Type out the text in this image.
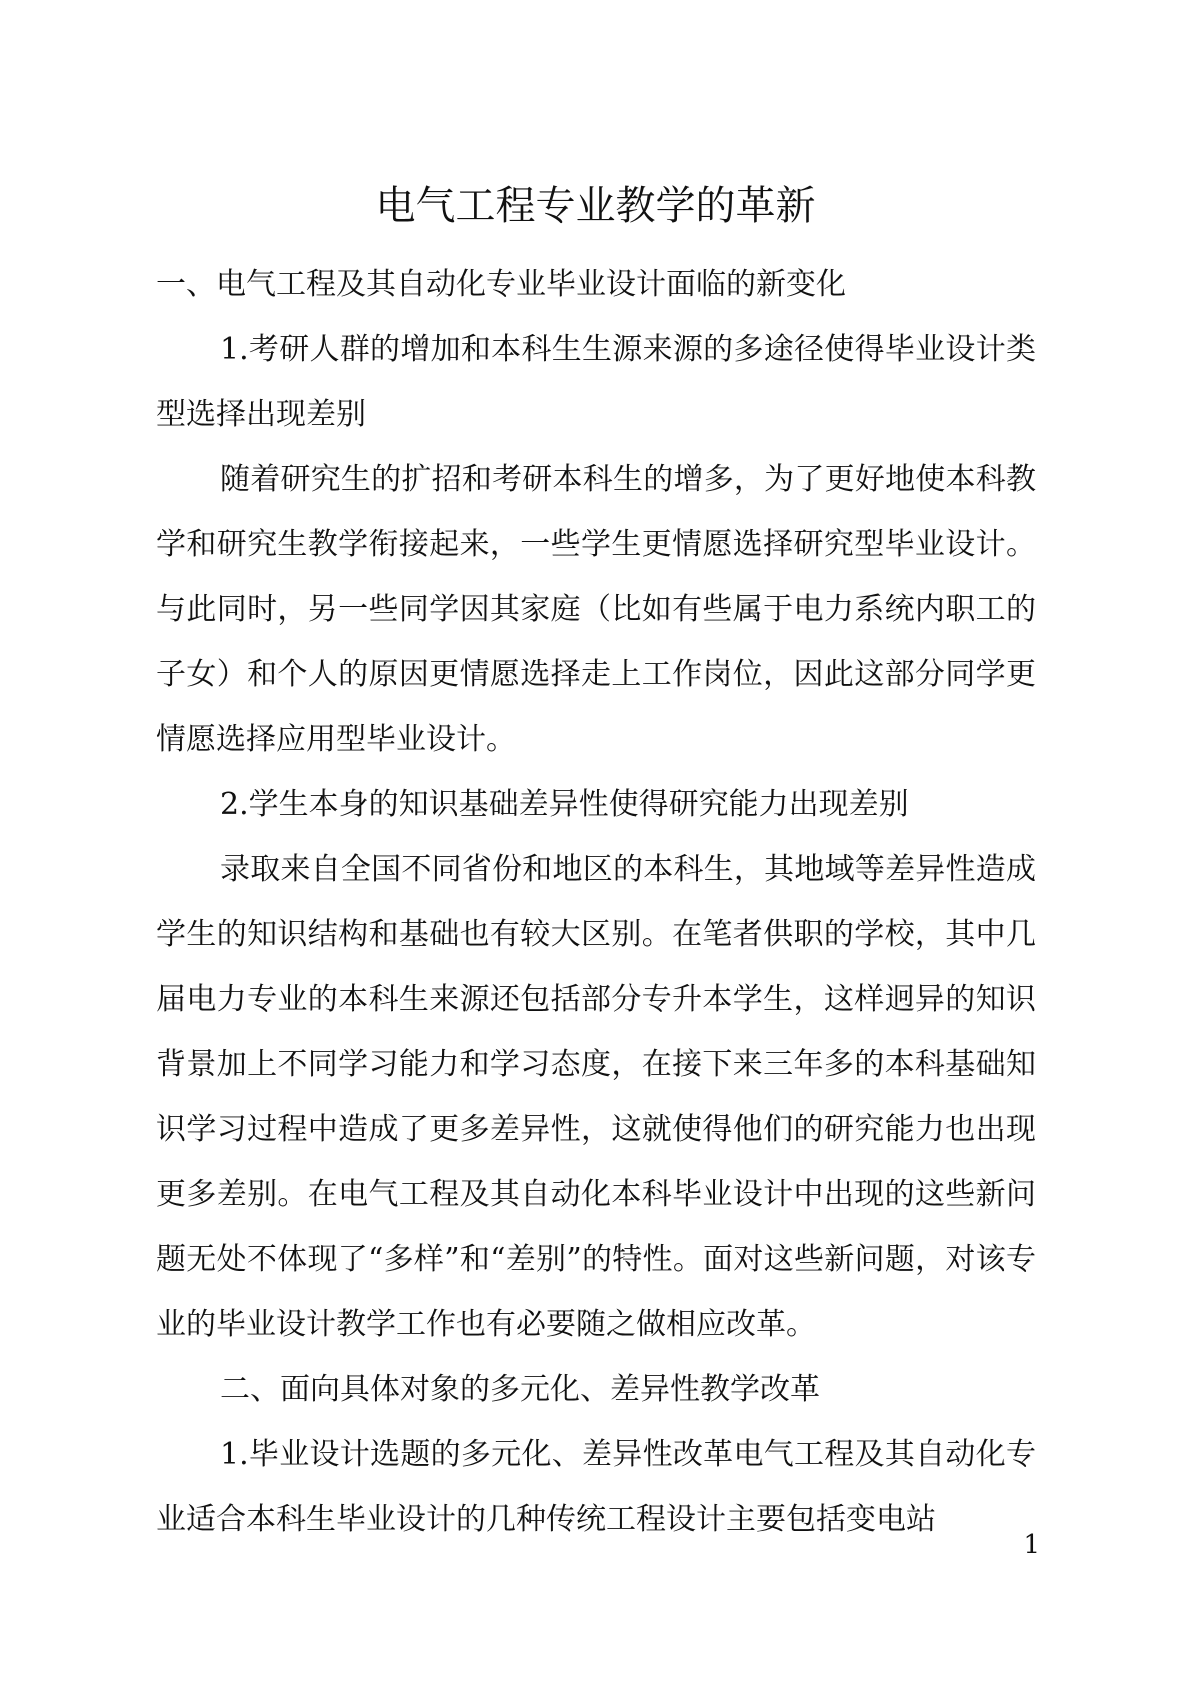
电气工程专业教学的革新

一、电气工程及其自动化专业毕业设计面临的新变化

1.考研人群的增加和本科生生源来源的多途径使得毕业设计类型选择出现差别

随着研究生的扩招和考研本科生的增多，为了更好地使本科教学和研究生教学衔接起来，一些学生更情愿选择研究型毕业设计。与此同时，另一些同学因其家庭（比如有些属于电力系统内职工的子女）和个人的原因更情愿选择走上工作岗位，因此这部分同学更情愿选择应用型毕业设计。

2.学生本身的知识基础差异性使得研究能力出现差别

录取来自全国不同省份和地区的本科生，其地域等差异性造成学生的知识结构和基础也有较大区别。在笔者供职的学校，其中几届电力专业的本科生来源还包括部分专升本学生，这样迥异的知识背景加上不同学习能力和学习态度，在接下来三年多的本科基础知识学习过程中造成了更多差异性，这就使得他们的研究能力也出现更多差别。在电气工程及其自动化本科毕业设计中出现的这些新问题无处不体现了“多样”和“差别”的特性。面对这些新问题，对该专业的毕业设计教学工作也有必要随之做相应改革。

二、面向具体对象的多元化、差异性教学改革

1.毕业设计选题的多元化、差异性改革电气工程及其自动化专业适合本科生毕业设计的几种传统工程设计主要包括变电站

1
